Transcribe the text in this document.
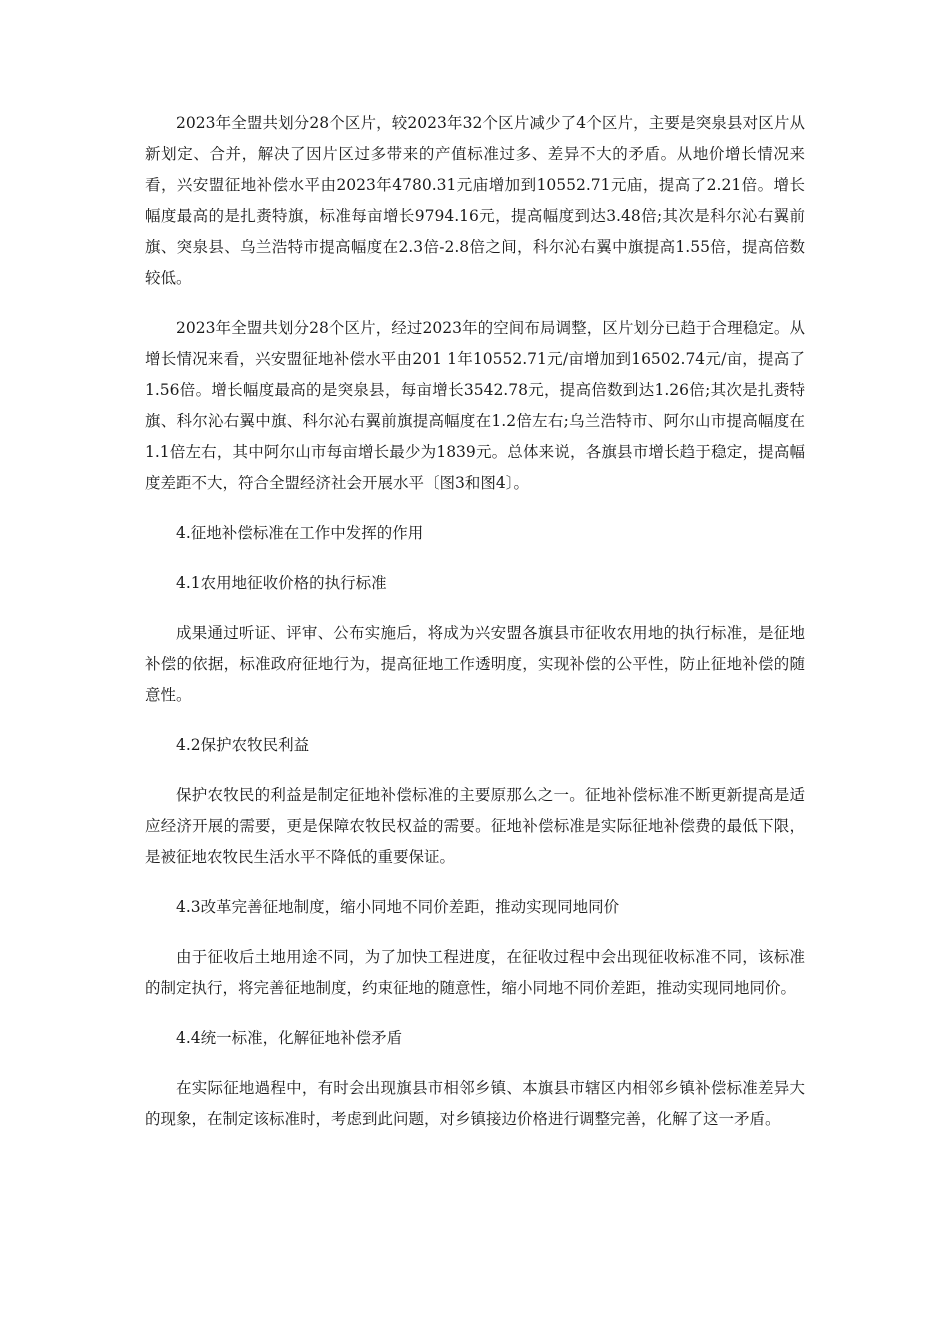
2023年全盟共划分28个区片，较2023年32个区片减少了4个区片，主要是突泉县对区片从新划定、合并，解决了因片区过多带来的产值标准过多、差异不大的矛盾。从地价增长情况来看，兴安盟征地补偿水平由2023年4780.31元庙增加到10552.71元庙，提高了2.21倍。增长幅度最高的是扎赉特旗，标准每亩增长9794.16元，提高幅度到达3.48倍;其次是科尔沁右翼前旗、突泉县、乌兰浩特市提高幅度在2.3倍-2.8倍之间，科尔沁右翼中旗提高1.55倍，提高倍数较低。

2023年全盟共划分28个区片，经过2023年的空间布局调整，区片划分已趋于合理稳定。从增长情况来看，兴安盟征地补偿水平由201 1年10552.71元/亩增加到16502.74元/亩，提高了1.56倍。增长幅度最高的是突泉县，每亩增长3542.78元，提高倍数到达1.26倍;其次是扎赉特旗、科尔沁右翼中旗、科尔沁右翼前旗提高幅度在1.2倍左右;乌兰浩特市、阿尔山市提高幅度在1.1倍左右，其中阿尔山市每亩增长最少为1839元。总体来说，各旗县市增长趋于稳定，提高幅度差距不大，符合全盟经济社会开展水平〔图3和图4〕。

4.征地补偿标准在工作中发挥的作用

4.1农用地征收价格的执行标准

成果通过听证、评审、公布实施后，将成为兴安盟各旗县市征收农用地的执行标准，是征地补偿的依据，标准政府征地行为，提高征地工作透明度，实现补偿的公平性，防止征地补偿的随意性。

4.2保护农牧民利益

保护农牧民的利益是制定征地补偿标准的主要原那么之一。征地补偿标准不断更新提高是适应经济开展的需要，更是保障农牧民权益的需要。征地补偿标准是实际征地补偿费的最低下限，是被征地农牧民生活水平不降低的重要保证。

4.3改革完善征地制度，缩小同地不同价差距，推动实现同地同价

由于征收后土地用途不同，为了加快工程进度，在征收过程中会出现征收标准不同，该标准的制定执行，将完善征地制度，约束征地的随意性，缩小同地不同价差距，推动实现同地同价。

4.4统一标准，化解征地补偿矛盾

在实际征地過程中，有时会出现旗县市相邻乡镇、本旗县市辖区内相邻乡镇补偿标准差异大的现象，在制定该标准时，考虑到此问题，对乡镇接边价格进行调整完善，化解了这一矛盾。
